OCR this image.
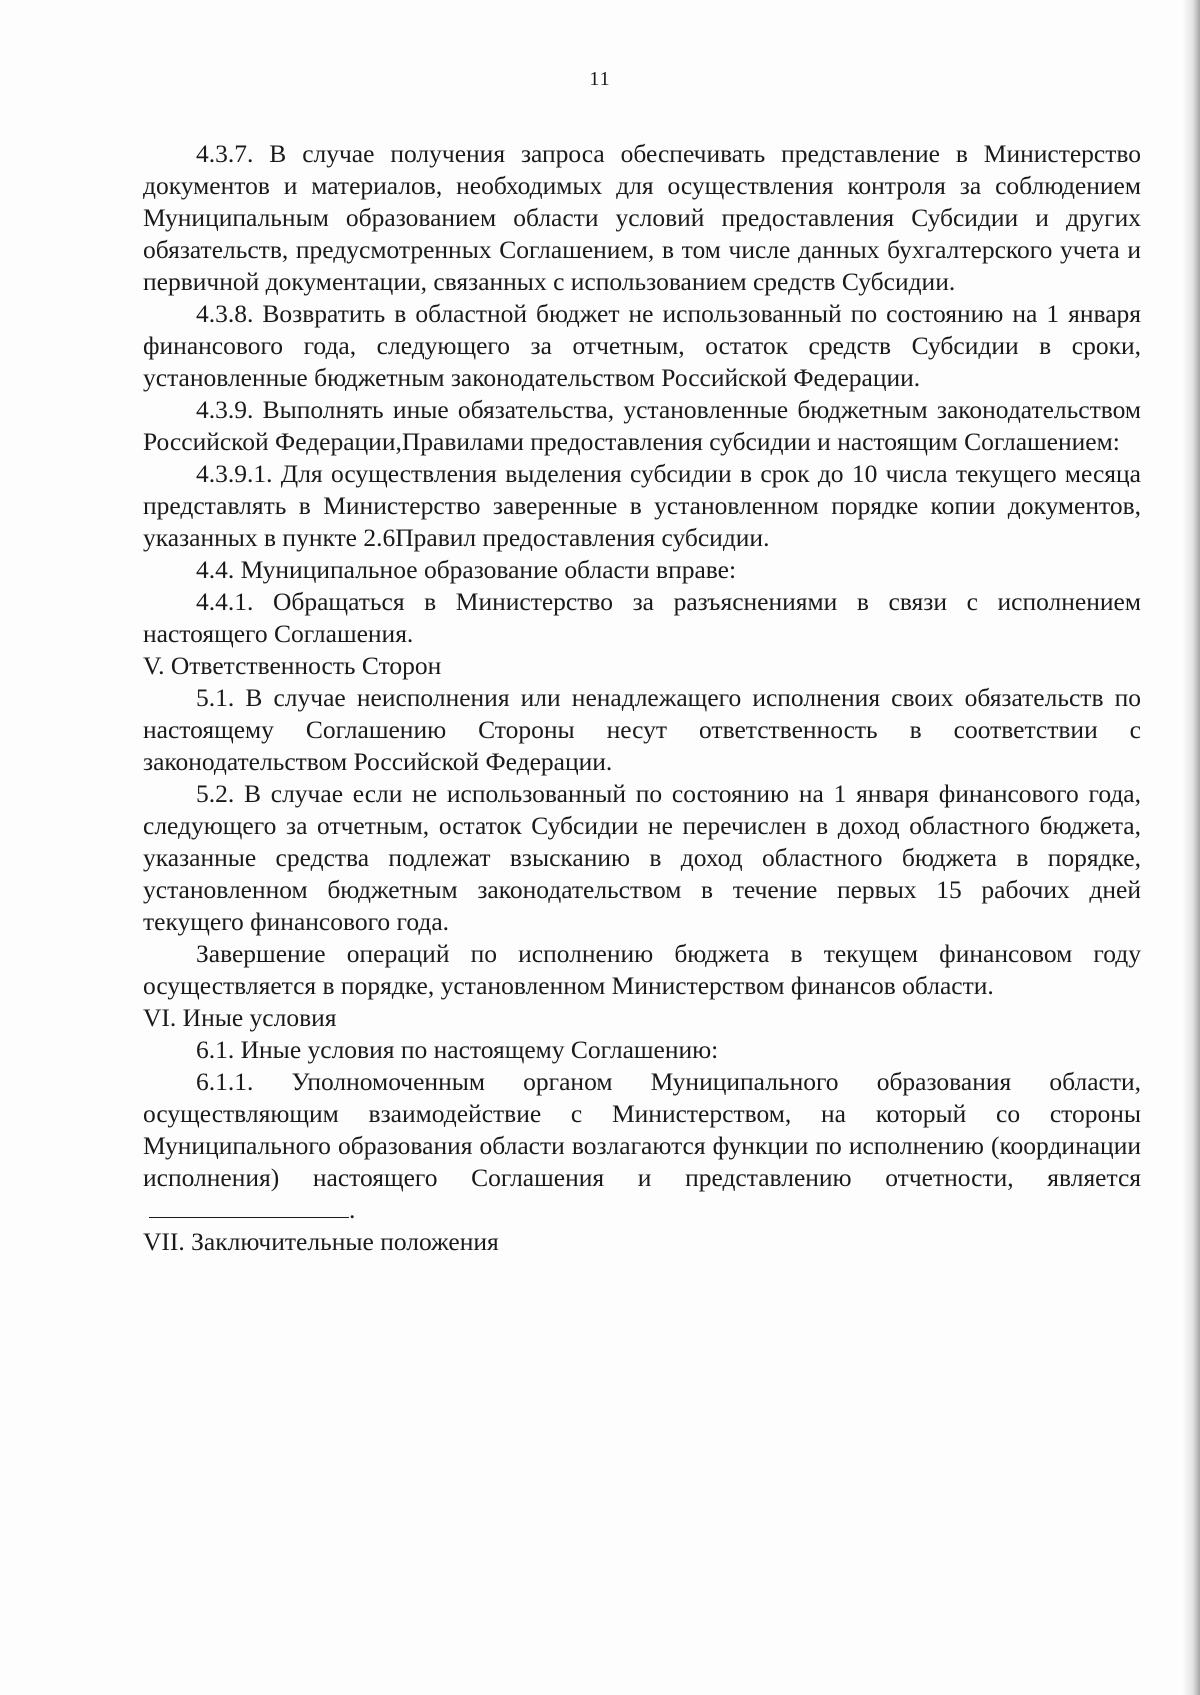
11

4.3.7. В случае получения запроса обеспечивать представление в Министерство документов и материалов, необходимых для осуществления контроля за соблюдением Муниципальным образованием области условий предоставления Субсидии и других обязательств, предусмотренных Соглашением, в том числе данных бухгалтерского учета и первичной документации, связанных с использованием средств Субсидии.

4.3.8. Возвратить в областной бюджет не использованный по состоянию на 1 января финансового года, следующего за отчетным, остаток средств Субсидии в сроки, установленные бюджетным законодательством Российской Федерации.

4.3.9. Выполнять иные обязательства, установленные бюджетным законодательством Российской Федерации,Правилами предоставления субсидии и настоящим Соглашением:

4.3.9.1. Для осуществления выделения субсидии в срок до 10 числа текущего месяца представлять в Министерство заверенные в установленном порядке копии документов, указанных в пункте 2.6Правил предоставления субсидии.

4.4. Муниципальное образование области вправе:

4.4.1. Обращаться в Министерство за разъяснениями в связи с исполнением настоящего Соглашения.

V. Ответственность Сторон

5.1. В случае неисполнения или ненадлежащего исполнения своих обязательств по настоящему Соглашению Стороны несут ответственность в соответствии с законодательством Российской Федерации.

5.2. В случае если не использованный по состоянию на 1 января финансового года, следующего за отчетным, остаток Субсидии не перечислен в доход областного бюджета, указанные средства подлежат взысканию в доход областного бюджета в порядке, установленном бюджетным законодательством в течение первых 15 рабочих дней текущего финансового года.

Завершение операций по исполнению бюджета в текущем финансовом году осуществляется в порядке, установленном Министерством финансов области.

VI. Иные условия

6.1. Иные условия по настоящему Соглашению:

6.1.1. Уполномоченным органом Муниципального образования области, осуществляющим взаимодействие с Министерством, на который со стороны Муниципального образования области возлагаются функции по исполнению (координации исполнения) настоящего Соглашения и представлению отчетности, является.

VII. Заключительные положения
